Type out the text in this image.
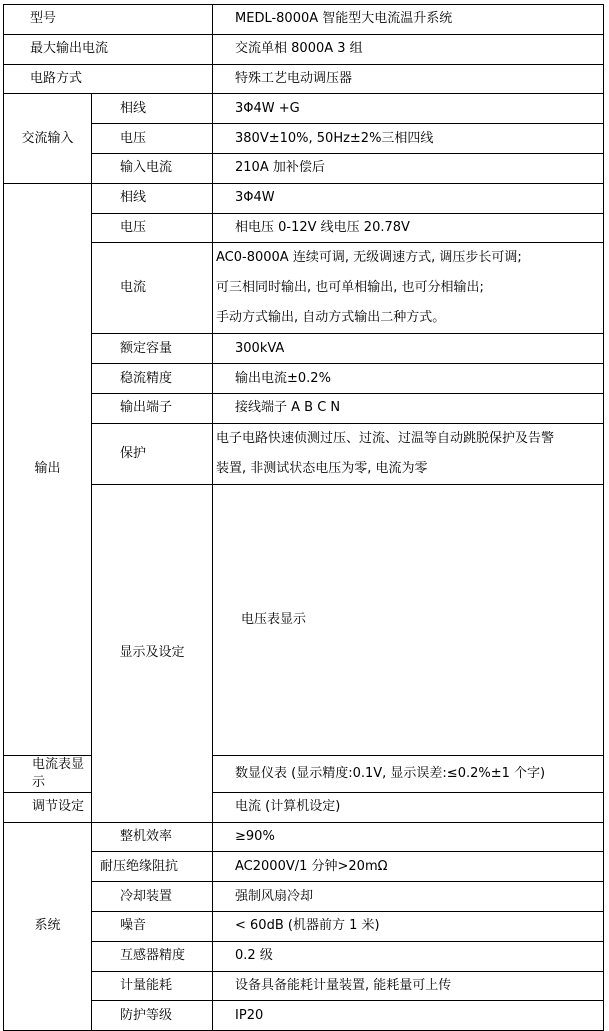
型号		MEDL-8000A 智能型大电流温升系统	
最大输出电流		交流单相 8000A 3 组	
电路方式		特殊工艺电动调压器	
交流输入	相线	3Φ4W +G	
	电压	380V±10%, 50Hz±2%三相四线	
	输入电流	210A 加补偿后	
输出	相线	3Φ4W	
	电压	相电压 0-12V 线电压 20.78V	
	电流	AC0-8000A 连续可调, 无级调速方式, 调压步长可调;
可三相同时输出, 也可单相输出, 也可分相输出;
手动方式输出, 自动方式输出二种方式。	

	额定容量	300kVA	
	稳流精度	输出电流±0.2%	
	输出端子	接线端子 A B C N	
	保护	电子电路快速侦测过压、过流、过温等自动跳脱保护及告警
装置, 非测试状态电压为零, 电流为零	

	显示及设定	电压表显示	
电流表显示		数显仪表 (显示精度:0.1V, 显示误差:≤0.2%±1 个字)	
调节设定		电流 (计算机设定)	
系统	整机效率	≥90%	
	耐压绝缘阻抗	AC2000V/1 分钟>20mΩ	
	冷却装置	强制风扇冷却	
	噪音	< 60dB (机器前方 1 米)	
	互感器精度	0.2 级	
	计量能耗	设备具备能耗计量装置, 能耗量可上传	
	防护等级	IP20	
